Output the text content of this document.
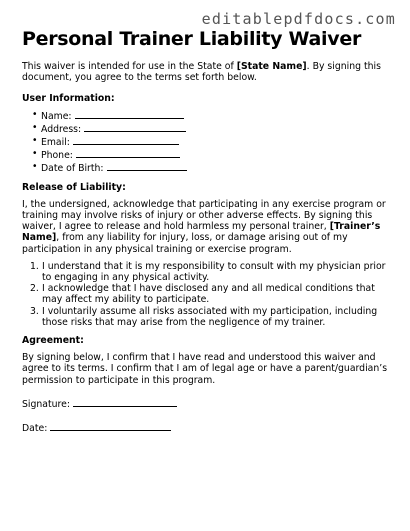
editablepdfdocs.com
Personal Trainer Liability Waiver

This waiver is intended for use in the State of [State Name]. By signing this document, you agree to the terms set forth below.

User Information:

• Name:
• Address:
• Email:
• Phone:
• Date of Birth:

Release of Liability:

I, the undersigned, acknowledge that participating in any exercise program or training may involve risks of injury or other adverse effects. By signing this waiver, I agree to release and hold harmless my personal trainer, [Trainer’s Name], from any liability for injury, loss, or damage arising out of my participation in any physical training or exercise program.

1. I understand that it is my responsibility to consult with my physician prior to engaging in any physical activity.
2. I acknowledge that I have disclosed any and all medical conditions that may affect my ability to participate.
3. I voluntarily assume all risks associated with my participation, including those risks that may arise from the negligence of my trainer.

Agreement:

By signing below, I confirm that I have read and understood this waiver and agree to its terms. I confirm that I am of legal age or have a parent/guardian’s permission to participate in this program.

Signature:

Date:
